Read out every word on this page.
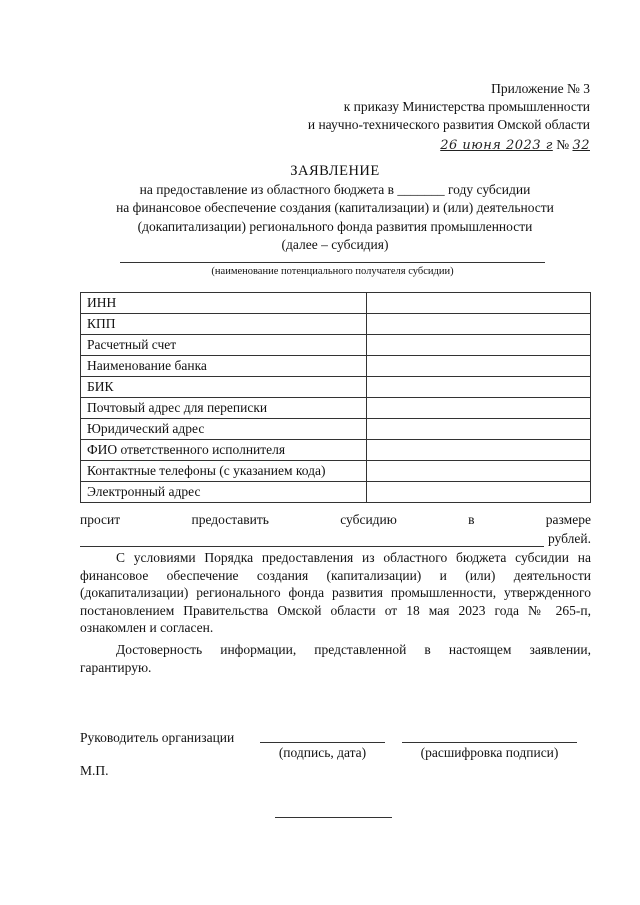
Приложение № 3
к приказу Министерства промышленности
и научно-технического развития Омской области
26 июня 2023 г № 32
ЗАЯВЛЕНИЕ
на предоставление из областного бюджета в _______ году субсидии
на финансовое обеспечение создания (капитализации) и (или) деятельности
(докапитализации) регионального фонда развития промышленности
(далее – субсидия)
(наименование потенциального получателя субсидии)
ИНН	
КПП	
Расчетный счет	
Наименование банка	
БИК	
Почтовый адрес для переписки	
Юридический адрес	
ФИО ответственного исполнителя	
Контактные телефоны (с указанием кода)	
Электронный адрес	
просит	предоставить	субсидию	в	размере
рублей.
С условиями Порядка предоставления из областного бюджета субсидии на финансовое обеспечение создания (капитализации) и (или) деятельности (докапитализации) регионального фонда развития промышленности, утвержденного постановлением Правительства Омской области от 18 мая 2023 года № 265-п, ознакомлен и согласен.
Достоверность информации, представленной в настоящем заявлении, гарантирую.
Руководитель организации
(подпись, дата)	(расшифровка подписи)
М.П.
